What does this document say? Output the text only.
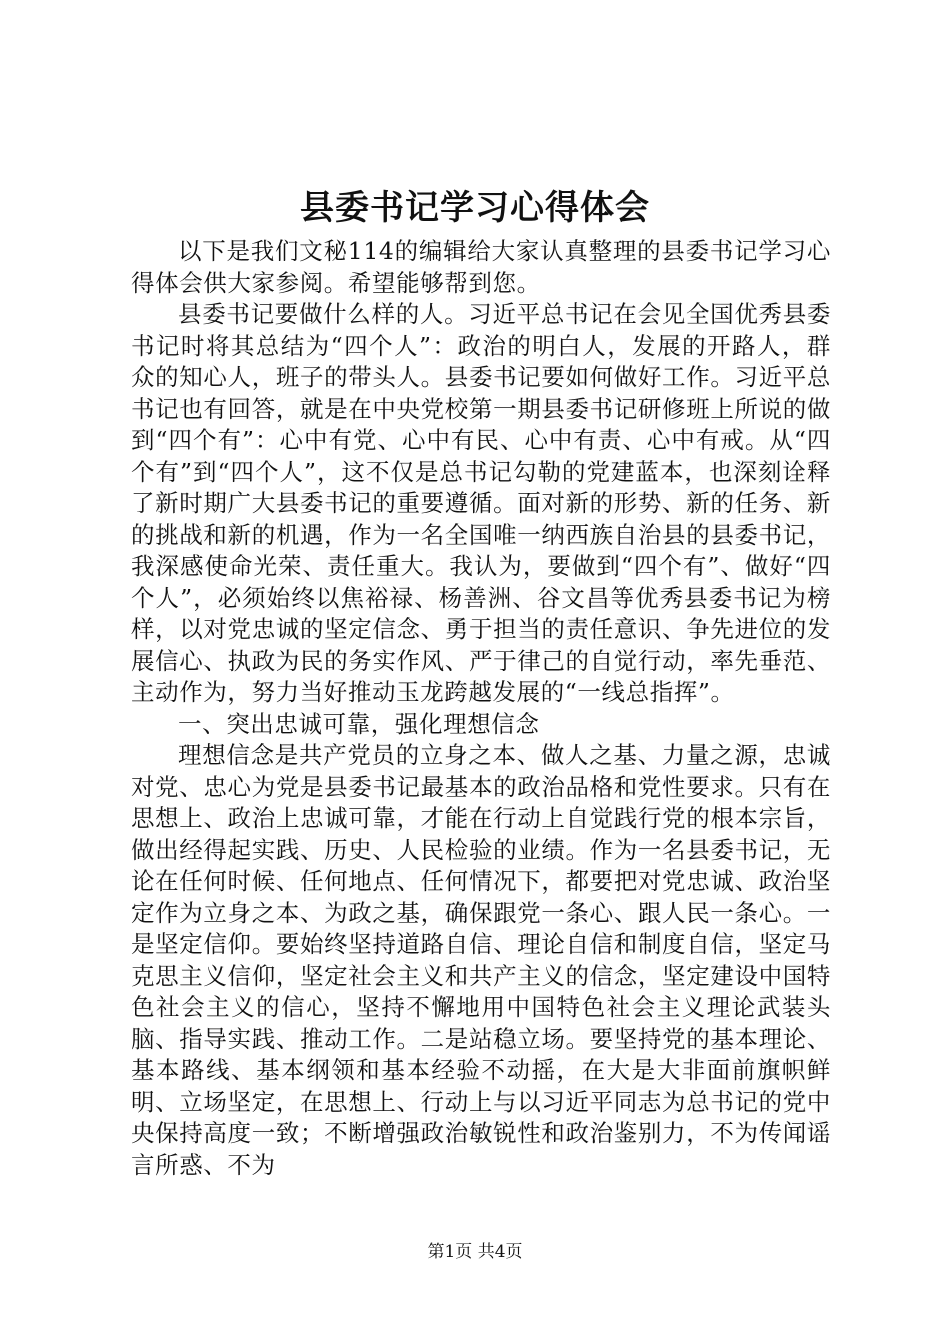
县委书记学习心得体会

以下是我们文秘114的编辑给大家认真整理的县委书记学习心得体会供大家参阅。希望能够帮到您。

县委书记要做什么样的人。习近平总书记在会见全国优秀县委书记时将其总结为“四个人”：政治的明白人，发展的开路人，群众的知心人，班子的带头人。县委书记要如何做好工作。习近平总书记也有回答，就是在中央党校第一期县委书记研修班上所说的做到“四个有”：心中有党、心中有民、心中有责、心中有戒。从“四个有”到“四个人”，这不仅是总书记勾勒的党建蓝本，也深刻诠释了新时期广大县委书记的重要遵循。面对新的形势、新的任务、新的挑战和新的机遇，作为一名全国唯一纳西族自治县的县委书记，我深感使命光荣、责任重大。我认为，要做到“四个有”、做好“四个人”，必须始终以焦裕禄、杨善洲、谷文昌等优秀县委书记为榜样，以对党忠诚的坚定信念、勇于担当的责任意识、争先进位的发展信心、执政为民的务实作风、严于律己的自觉行动，率先垂范、主动作为，努力当好推动玉龙跨越发展的“一线总指挥”。

一、突出忠诚可靠，强化理想信念

理想信念是共产党员的立身之本、做人之基、力量之源，忠诚对党、忠心为党是县委书记最基本的政治品格和党性要求。只有在思想上、政治上忠诚可靠，才能在行动上自觉践行党的根本宗旨，做出经得起实践、历史、人民检验的业绩。作为一名县委书记，无论在任何时候、任何地点、任何情况下，都要把对党忠诚、政治坚定作为立身之本、为政之基，确保跟党一条心、跟人民一条心。一是坚定信仰。要始终坚持道路自信、理论自信和制度自信，坚定马克思主义信仰，坚定社会主义和共产主义的信念，坚定建设中国特色社会主义的信心，坚持不懈地用中国特色社会主义理论武装头脑、指导实践、推动工作。二是站稳立场。要坚持党的基本理论、基本路线、基本纲领和基本经验不动摇，在大是大非面前旗帜鲜明、立场坚定，在思想上、行动上与以习近平同志为总书记的党中央保持高度一致；不断增强政治敏锐性和政治鉴别力，不为传闻谣言所惑、不为

第1页 共4页
